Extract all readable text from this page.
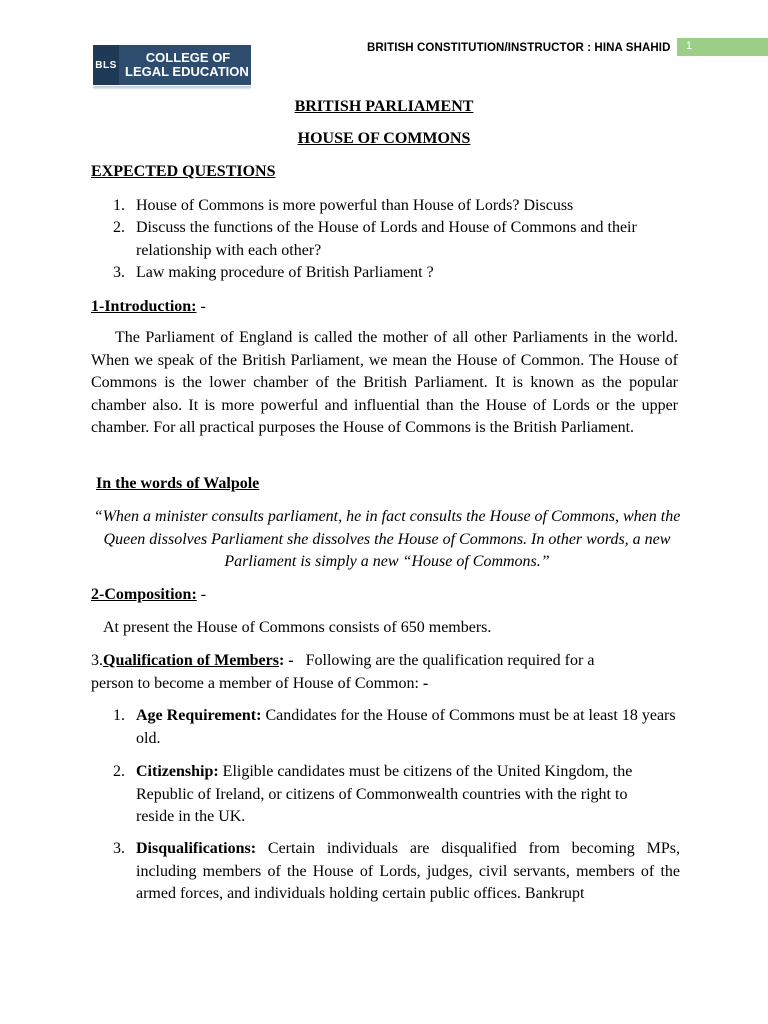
BLS	COLLEGE OF
LEGAL EDUCATION
BRITISH CONSTITUTION/INSTRUCTOR : HINA SHAHID 1
BRITISH PARLIAMENT
HOUSE OF COMMONS
EXPECTED QUESTIONS
1. House of Commons is more powerful than House of Lords? Discuss
2. Discuss the functions of the House of Lords and House of Commons and their relationship with each other?
3. Law making procedure of British Parliament ?
1-Introduction: -
The Parliament of England is called the mother of all other Parliaments in the world. When we speak of the British Parliament, we mean the House of Common. The House of Commons is the lower chamber of the British Parliament. It is known as the popular chamber also. It is more powerful and influential than the House of Lords or the upper chamber. For all practical purposes the House of Commons is the British Parliament.
In the words of Walpole
“When a minister consults parliament, he in fact consults the House of Commons, when the Queen dissolves Parliament she dissolves the House of Commons. In other words, a new Parliament is simply a new “House of Commons.”
2-Composition: -
At present the House of Commons consists of 650 members.
3.Qualification of Members: - Following are the qualification required for a
person to become a member of House of Common: -
1. Age Requirement: Candidates for the House of Commons must be at least 18 years old.
2. Citizenship: Eligible candidates must be citizens of the United Kingdom, the Republic of Ireland, or citizens of Commonwealth countries with the right to reside in the UK.
3. Disqualifications: Certain individuals are disqualified from becoming MPs, including members of the House of Lords, judges, civil servants, members of the armed forces, and individuals holding certain public offices. Bankrupt
